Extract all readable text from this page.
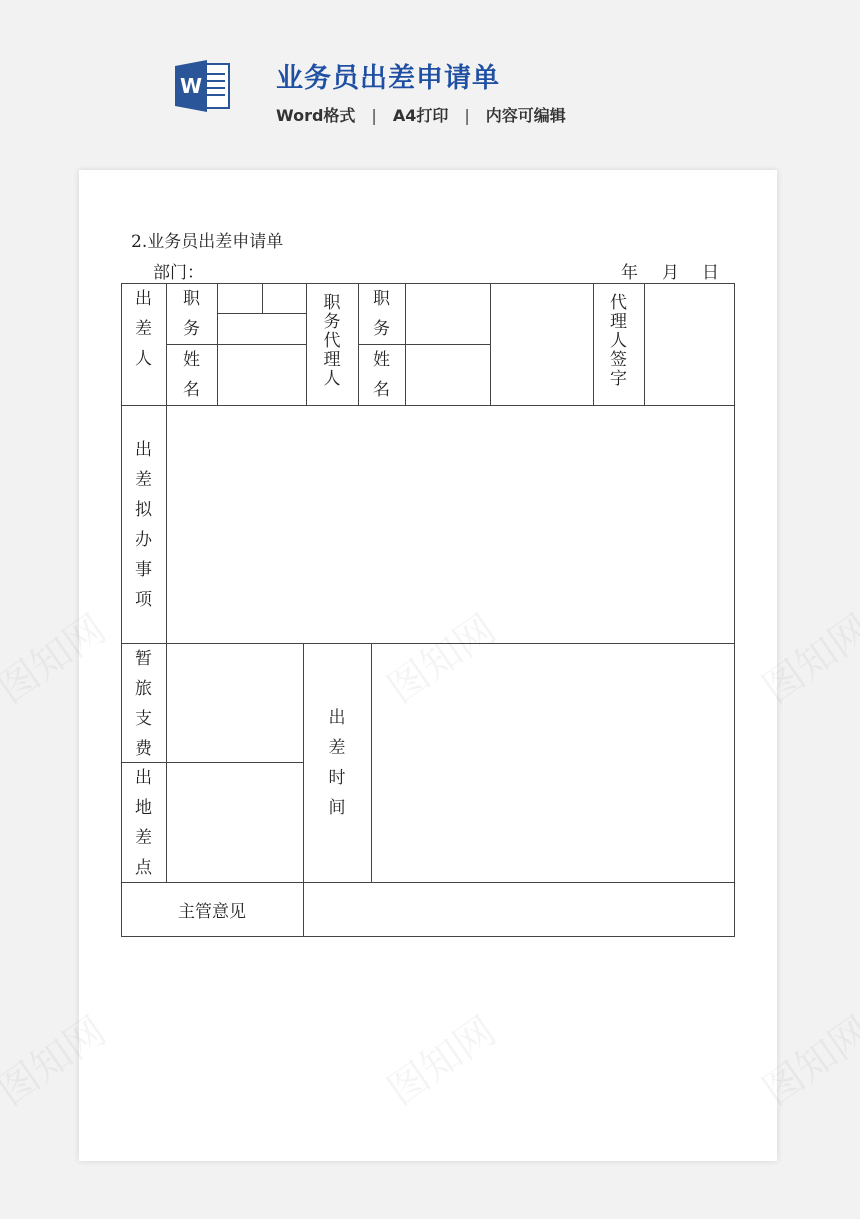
W	业务员出差申请单
Word格式 | A4打印 | 内容可编辑
2.业务员出差申请单
部门：	年 月 日
出
差
人
职
务
姓
名
职
务
代
理
人
职
务
姓
名
代
理
人
签
字
出
差
拟
办
事
项
暂
旅
支
费
出
地
差
点
出
差
时
间
主管意见
